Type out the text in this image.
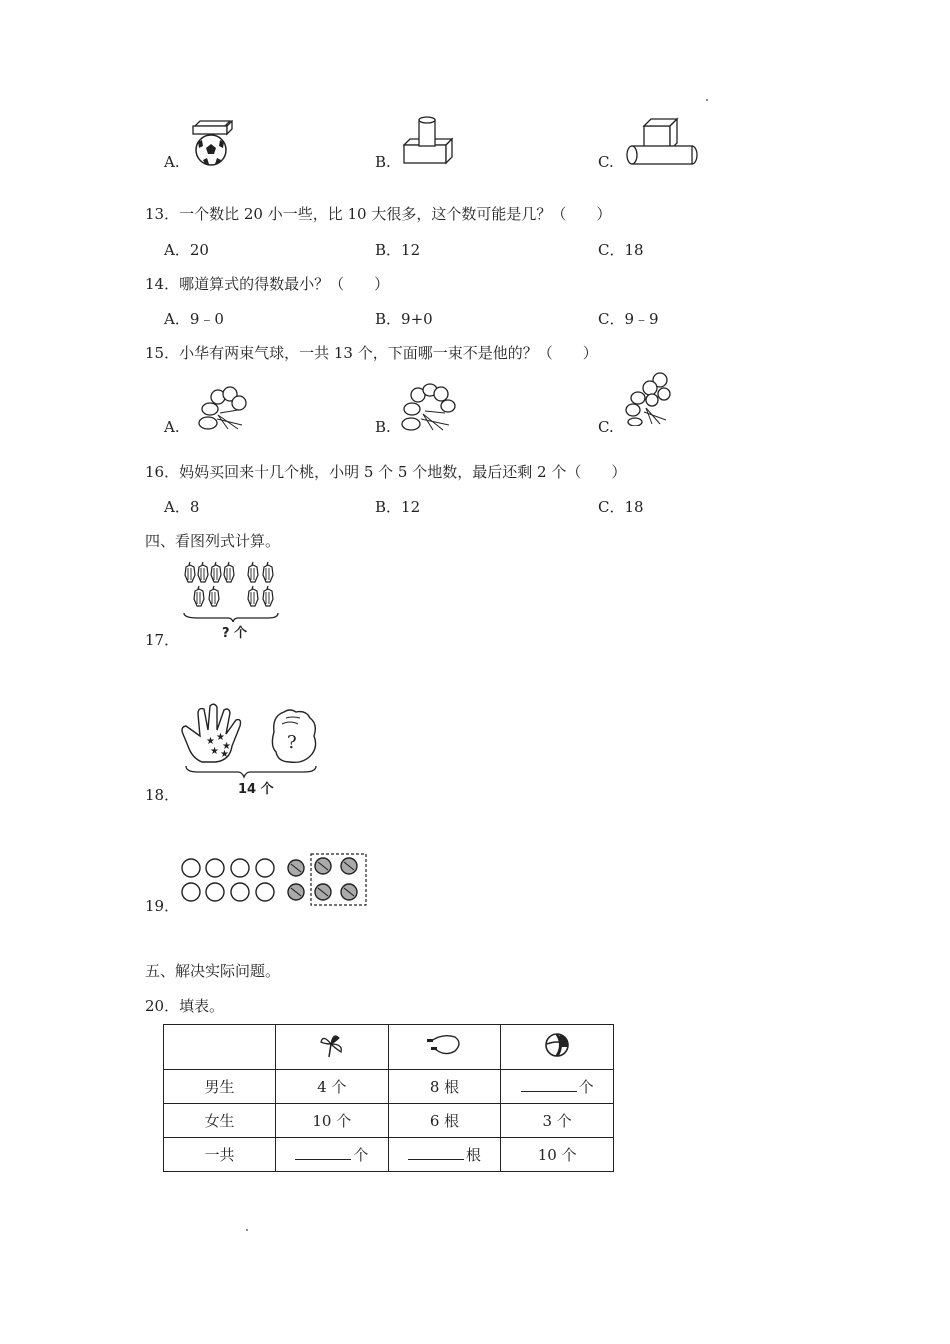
A.	B.	C.
13．一个数比 20 小一些，比 10 大很多，这个数可能是几？（　　）
A．20	B．12	C．18
14．哪道算式的得数最小？（　　）
A．9﹣0	B．9+0	C．9﹣9
15．小华有两束气球，一共 13 个，下面哪一束不是他的？（　　）
A.	B.	C.
16．妈妈买回来十几个桃，小明 5 个 5 个地数，最后还剩 2 个（　　）
A．8	B．12	C．18
四、看图列式计算。
17．	? 个
18．
★ ★
★
★ ★
?
14 个
19．
五、解决实际问题。
20．填表。

男生	4 个	8 根	个
女生	10 个	6 根	3 个
一共	个	根	10 个
